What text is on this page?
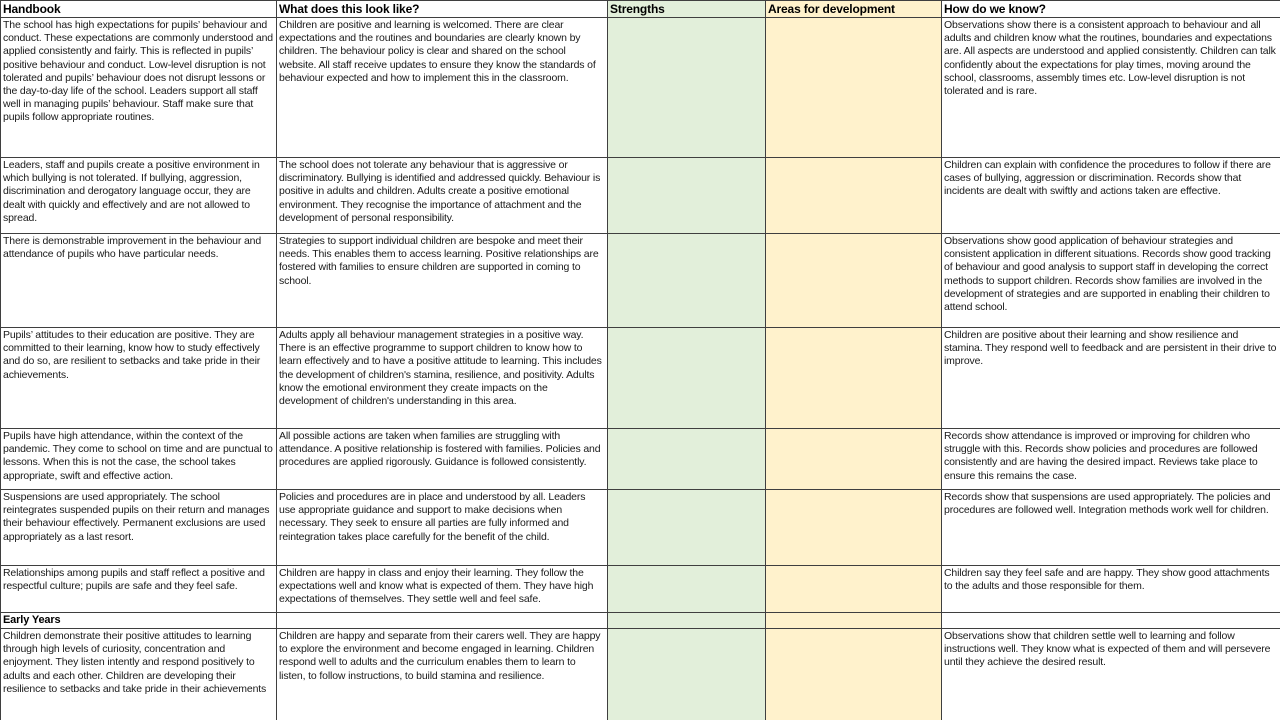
Handbook	What does this look like?	Strengths	Areas for development	How do we know?
The school has high expectations for pupils’ behaviour and conduct. These expectations are commonly understood and applied consistently and fairly. This is reflected in pupils’ positive behaviour and conduct. Low-level disruption is not tolerated and pupils’ behaviour does not disrupt lessons or the day-to-day life of the school. Leaders support all staff well in managing pupils’ behaviour. Staff make sure that pupils follow appropriate routines.	Children are positive and learning is welcomed. There are clear expectations and the routines and boundaries are clearly known by children. The behaviour policy is clear and shared on the school website. All staff receive updates to ensure they know the standards of behaviour expected and how to implement this in the classroom.			Observations show there is a consistent approach to behaviour and all adults and children know what the routines, boundaries and expectations are. All aspects are understood and applied consistently. Children can talk confidently about the expectations for play times, moving around the school, classrooms, assembly times etc. Low-level disruption is not tolerated and is rare.
Leaders, staff and pupils create a positive environment in which bullying is not tolerated. If bullying, aggression, discrimination and derogatory language occur, they are dealt with quickly and effectively and are not allowed to spread.	The school does not tolerate any behaviour that is aggressive or discriminatory. Bullying is identified and addressed quickly. Behaviour is positive in adults and children. Adults create a positive emotional environment. They recognise the importance of attachment and the development of personal responsibility.			Children can explain with confidence the procedures to follow if there are cases of bullying, aggression or discrimination. Records show that incidents are dealt with swiftly and actions taken are effective.
There is demonstrable improvement in the behaviour and attendance of pupils who have particular needs.	Strategies to support individual children are bespoke and meet their needs. This enables them to access learning. Positive relationships are fostered with families to ensure children are supported in coming to school.			Observations show good application of behaviour strategies and consistent application in different situations. Records show good tracking of behaviour and good analysis to support staff in developing the correct methods to support children. Records show families are involved in the development of strategies and are supported in enabling their children to attend school.
Pupils’ attitudes to their education are positive. They are committed to their learning, know how to study effectively and do so, are resilient to setbacks and take pride in their achievements.	Adults apply all behaviour management strategies in a positive way. There is an effective programme to support children to know how to learn effectively and to have a positive attitude to learning. This includes the development of children's stamina, resilience, and positivity. Adults know the emotional environment they create impacts on the development of children's understanding in this area.			Children are positive about their learning and show resilience and stamina. They respond well to feedback and are persistent in their drive to improve.
Pupils have high attendance, within the context of the pandemic. They come to school on time and are punctual to lessons. When this is not the case, the school takes appropriate, swift and effective action.	All possible actions are taken when families are struggling with attendance. A positive relationship is fostered with families. Policies and procedures are applied rigorously. Guidance is followed consistently.			Records show attendance is improved or improving for children who struggle with this. Records show policies and procedures are followed consistently and are having the desired impact. Reviews take place to ensure this remains the case.
Suspensions are used appropriately. The school reintegrates suspended pupils on their return and manages their behaviour effectively. Permanent exclusions are used appropriately as a last resort.	Policies and procedures are in place and understood by all. Leaders use appropriate guidance and support to make decisions when necessary. They seek to ensure all parties are fully informed and reintegration takes place carefully for the benefit of the child.			Records show that suspensions are used appropriately. The policies and procedures are followed well. Integration methods work well for children.
Relationships among pupils and staff reflect a positive and respectful culture; pupils are safe and they feel safe.	Children are happy in class and enjoy their learning. They follow the expectations well and know what is expected of them. They have high expectations of themselves. They settle well and feel safe.			Children say they feel safe and are happy. They show good attachments to the adults and those responsible for them.
Early Years				
Children demonstrate their positive attitudes to learning through high levels of curiosity, concentration and enjoyment. They listen intently and respond positively to adults and each other. Children are developing their resilience to setbacks and take pride in their achievements	Children are happy and separate from their carers well. They are happy to explore the environment and become engaged in learning. Children respond well to adults and the curriculum enables them to learn to listen, to follow instructions, to build stamina and resilience.			Observations show that children settle well to learning and follow instructions well. They know what is expected of them and will persevere until they achieve the desired result.
